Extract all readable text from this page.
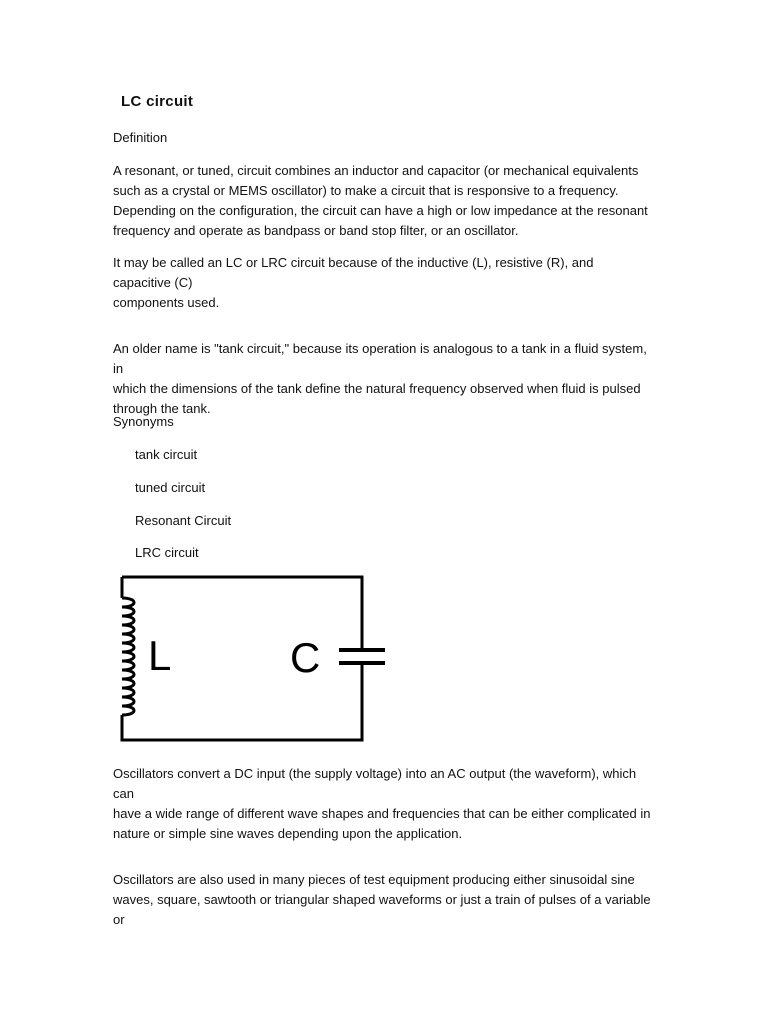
LC circuit

Definition

A resonant, or tuned, circuit combines an inductor and capacitor (or mechanical equivalents
such as a crystal or MEMS oscillator) to make a circuit that is responsive to a frequency.
Depending on the configuration, the circuit can have a high or low impedance at the resonant
frequency and operate as bandpass or band stop filter, or an oscillator.

It may be called an LC or LRC circuit because of the inductive (L), resistive (R), and capacitive (C)
components used.

An older name is "tank circuit," because its operation is analogous to a tank in a fluid system, in
which the dimensions of the tank define the natural frequency observed when fluid is pulsed
through the tank.

Synonyms

tank circuit

tuned circuit

Resonant Circuit

LRC circuit

L	C

Oscillators convert a DC input (the supply voltage) into an AC output (the waveform), which can
have a wide range of different wave shapes and frequencies that can be either complicated in
nature or simple sine waves depending upon the application.

Oscillators are also used in many pieces of test equipment producing either sinusoidal sine
waves, square, sawtooth or triangular shaped waveforms or just a train of pulses of a variable or
